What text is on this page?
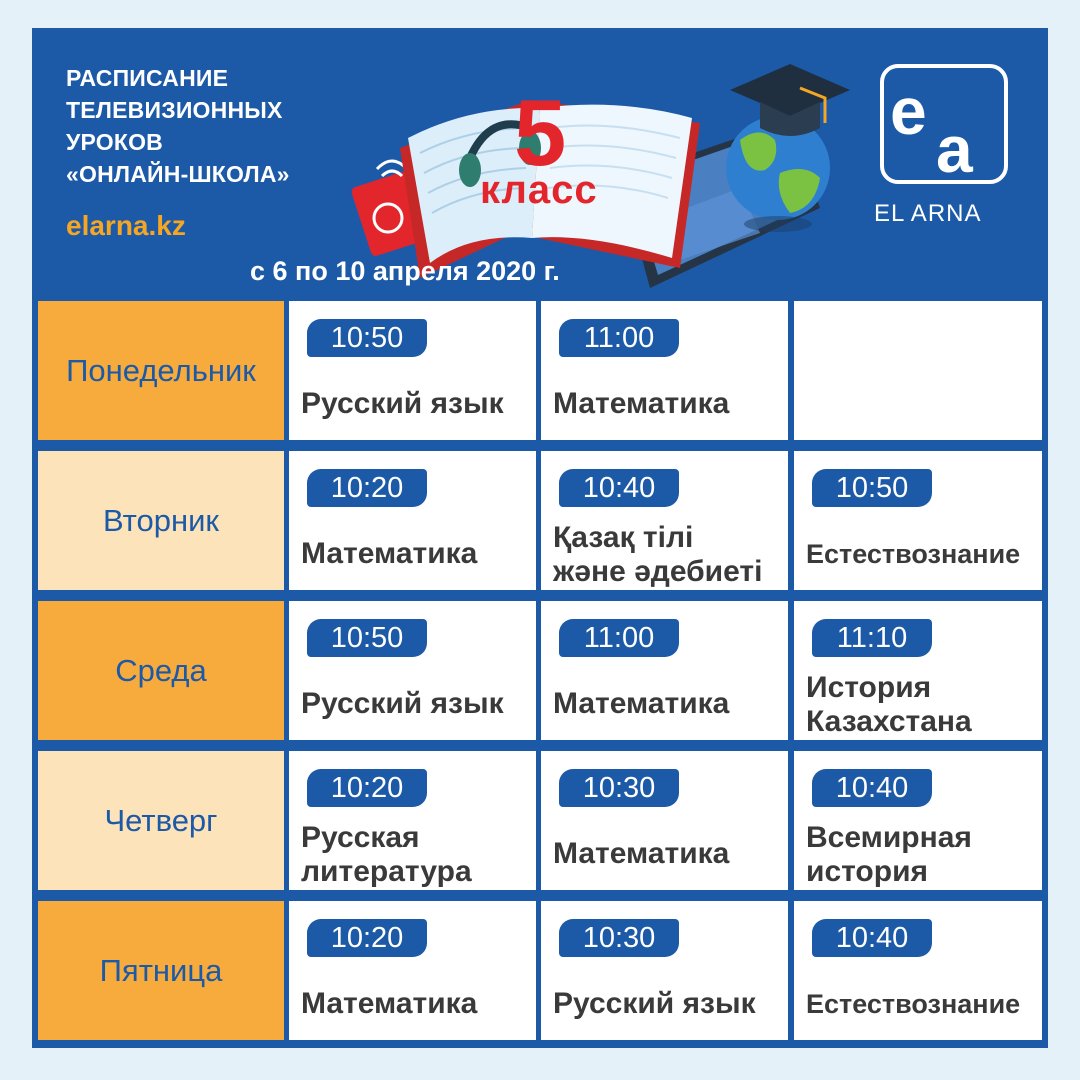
РАСПИСАНИЕ
ТЕЛЕВИЗИОННЫХ
УРОКОВ
«ОНЛАЙН-ШКОЛА»
elarna.kz
5
класс
e
a
EL ARNA
с 6 по 10 апреля 2020 г.
Понедельник
10:50
Русский язык
11:00
Математика
Вторник
10:20
Математика
10:40
Қазақ тілі
және әдебиеті
10:50
Естествознание
Среда
10:50
Русский язык
11:00
Математика
11:10
История
Казахстана
Четверг
10:20
Русская
литература
10:30
Математика
10:40
Всемирная
история
Пятница
10:20
Математика
10:30
Русский язык
10:40
Естествознание
